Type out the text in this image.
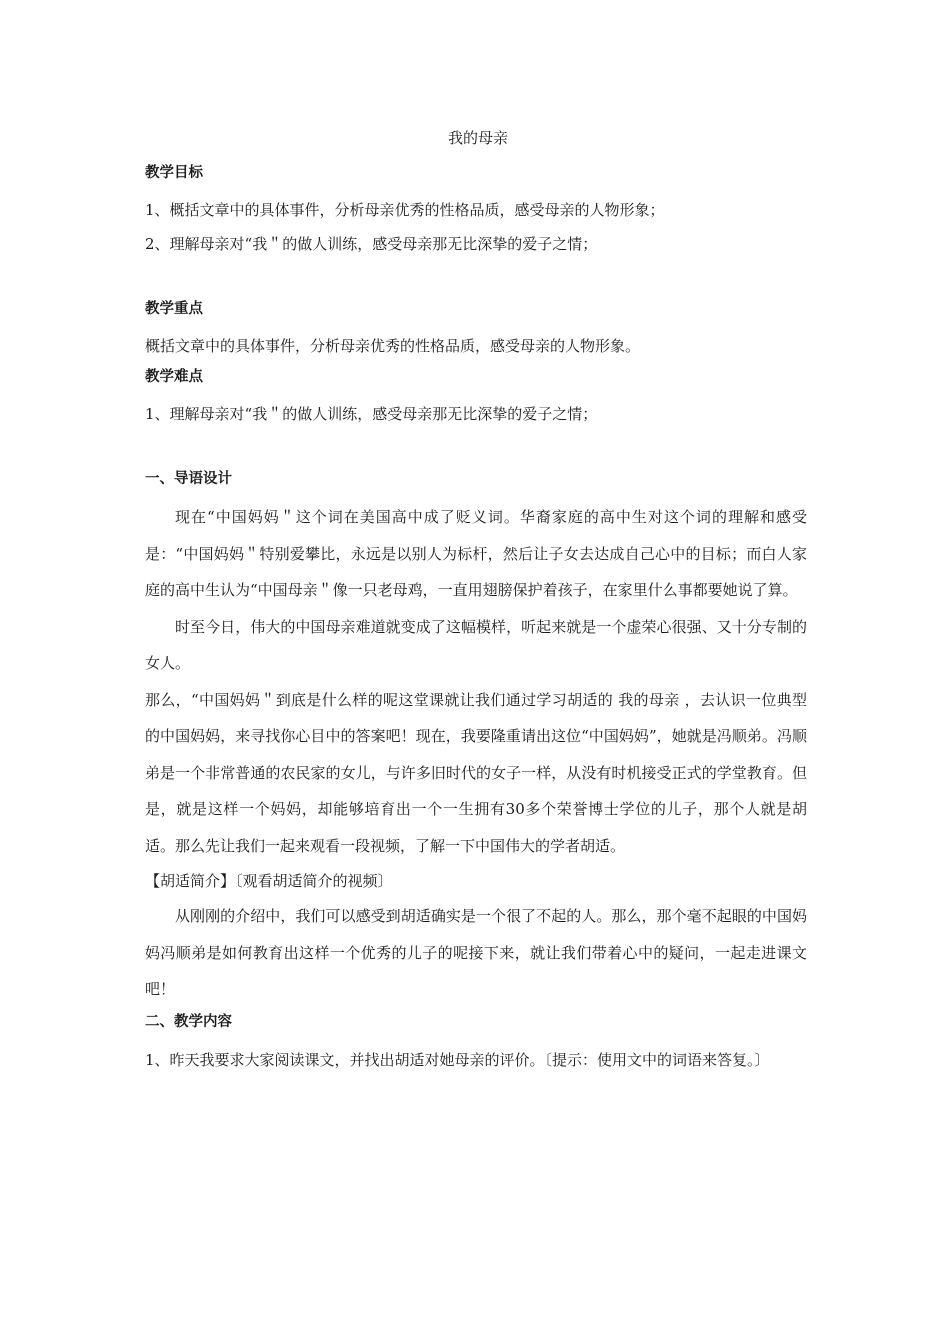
我的母亲
教学目标

1、概括文章中的具体事件，分析母亲优秀的性格品质，感受母亲的人物形象；

2、理解母亲对“我＂的做人训练，感受母亲那无比深挚的爱子之情；

教学重点

概括文章中的具体事件，分析母亲优秀的性格品质，感受母亲的人物形象。

教学难点

1、理解母亲对“我＂的做人训练，感受母亲那无比深挚的爱子之情；

一、导语设计

现在“中国妈妈＂这个词在美国高中成了贬义词。华裔家庭的高中生对这个词的理解和感受是：“中国妈妈＂特别爱攀比，永远是以别人为标杆，然后让子女去达成自己心中的目标；而白人家庭的高中生认为“中国母亲＂像一只老母鸡，一直用翅膀保护着孩子，在家里什么事都要她说了算。

时至今日，伟大的中国母亲难道就变成了这幅模样，听起来就是一个虚荣心很强、又十分专制的女人。

那么，“中国妈妈＂到底是什么样的呢这堂课就让我们通过学习胡适的 我的母亲 ，去认识一位典型的中国妈妈，来寻找你心目中的答案吧！现在，我要隆重请出这位“中国妈妈”，她就是冯顺弟。冯顺弟是一个非常普通的农民家的女儿，与许多旧时代的女子一样，从没有时机接受正式的学堂教育。但是，就是这样一个妈妈，却能够培育出一个一生拥有30多个荣誉博士学位的儿子，那个人就是胡适。那么先让我们一起来观看一段视频，了解一下中国伟大的学者胡适。

【胡适简介】〔观看胡适简介的视频〕

从刚刚的介绍中，我们可以感受到胡适确实是一个很了不起的人。那么，那个毫不起眼的中国妈妈冯顺弟是如何教育出这样一个优秀的儿子的呢接下来，就让我们带着心中的疑问，一起走进课文吧！

二、教学内容

1、昨天我要求大家阅读课文，并找出胡适对她母亲的评价。〔提示：使用文中的词语来答复。〕
